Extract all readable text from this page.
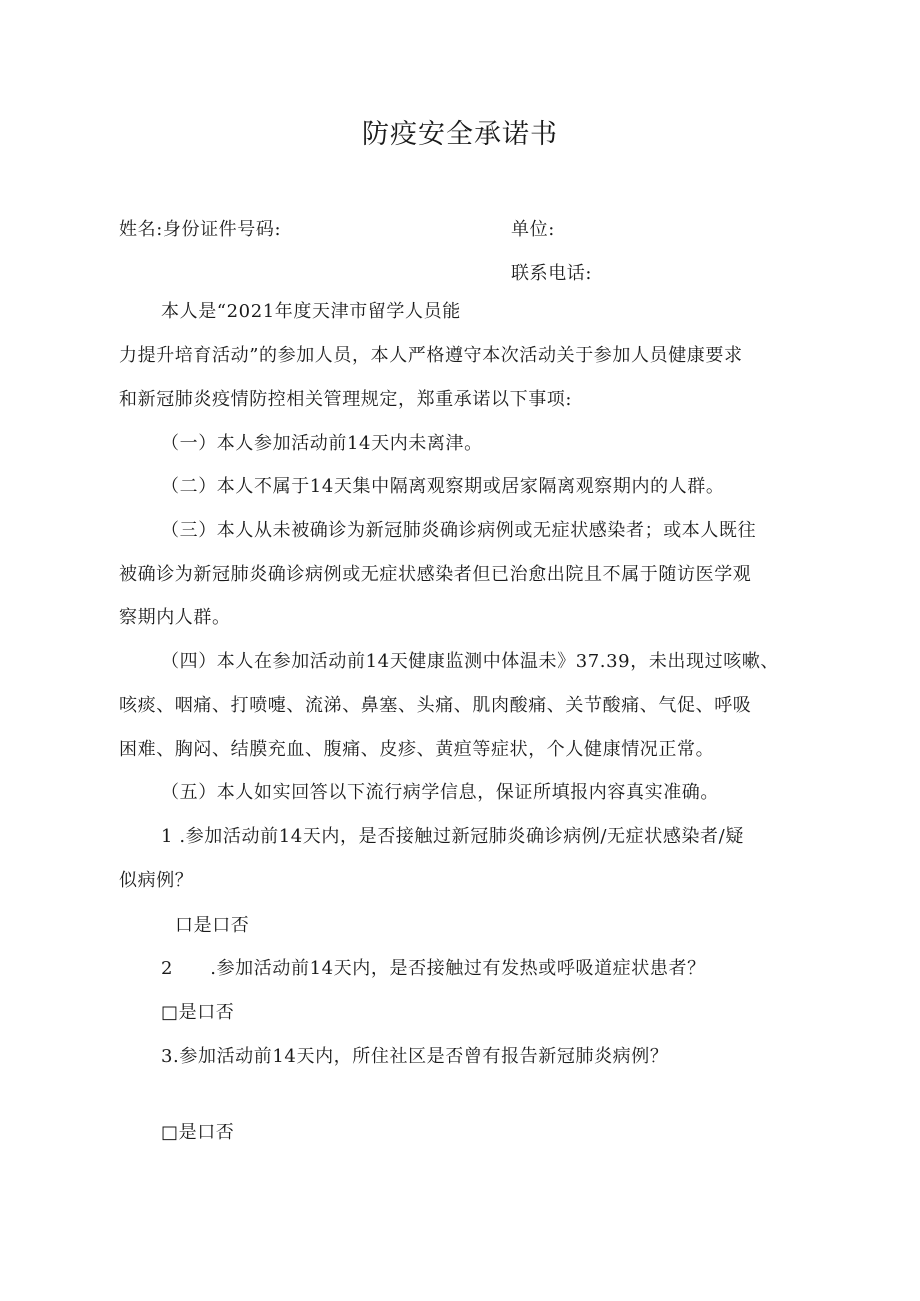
防疫安全承诺书
姓名:身份证件号码:	单位:
联系电话:
本人是“2021年度天津市留学人员能
力提升培育活动”的参加人员，本人严格遵守本次活动关于参加人员健康要求
和新冠肺炎疫情防控相关管理规定，郑重承诺以下事项:
（一）本人参加活动前14天内未离津。
（二）本人不属于14天集中隔离观察期或居家隔离观察期内的人群。
（三）本人从未被确诊为新冠肺炎确诊病例或无症状感染者；或本人既往
被确诊为新冠肺炎确诊病例或无症状感染者但已治愈出院且不属于随访医学观
察期内人群。
（四）本人在参加活动前14天健康监测中体温未》37.39，未出现过咳嗽、
咳痰、咽痛、打喷嚏、流涕、鼻塞、头痛、肌肉酸痛、关节酸痛、气促、呼吸
困难、胸闷、结膜充血、腹痛、皮疹、黄疸等症状，个人健康情况正常。
（五）本人如实回答以下流行病学信息，保证所填报内容真实准确。
1 .参加活动前14天内，是否接触过新冠肺炎确诊病例/无症状感染者/疑
似病例？
口是口否
2　　.参加活动前14天内，是否接触过有发热或呼吸道症状患者？
□是口否
3.参加活动前14天内，所住社区是否曾有报告新冠肺炎病例？
□是口否
